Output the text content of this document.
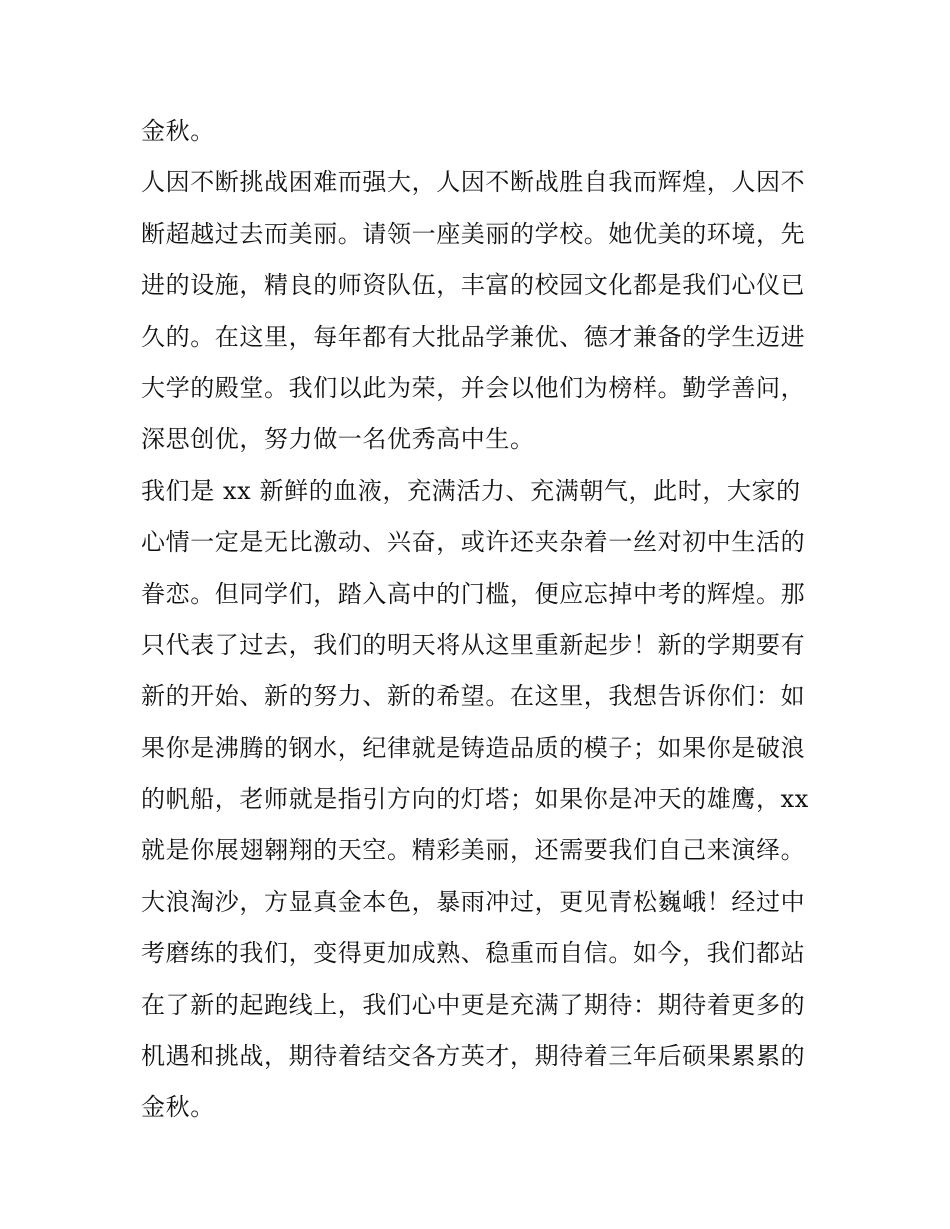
金秋。
人因不断挑战困难而强大，人因不断战胜自我而辉煌，人因不
断超越过去而美丽。请领一座美丽的学校。她优美的环境，先
进的设施，精良的师资队伍，丰富的校园文化都是我们心仪已
久的。在这里，每年都有大批品学兼优、德才兼备的学生迈进
大学的殿堂。我们以此为荣，并会以他们为榜样。勤学善问，
深思创优，努力做一名优秀高中生。
我们是 xx 新鲜的血液，充满活力、充满朝气，此时，大家的
心情一定是无比激动、兴奋，或许还夹杂着一丝对初中生活的
眷恋。但同学们，踏入高中的门槛，便应忘掉中考的辉煌。那
只代表了过去，我们的明天将从这里重新起步！新的学期要有
新的开始、新的努力、新的希望。在这里，我想告诉你们：如
果你是沸腾的钢水，纪律就是铸造品质的模子；如果你是破浪
的帆船，老师就是指引方向的灯塔；如果你是冲天的雄鹰，xx
就是你展翅翱翔的天空。精彩美丽，还需要我们自己来演绎。
大浪淘沙，方显真金本色，暴雨冲过，更见青松巍峨！经过中
考磨练的我们，变得更加成熟、稳重而自信。如今，我们都站
在了新的起跑线上，我们心中更是充满了期待：期待着更多的
机遇和挑战，期待着结交各方英才，期待着三年后硕果累累的
金秋。
